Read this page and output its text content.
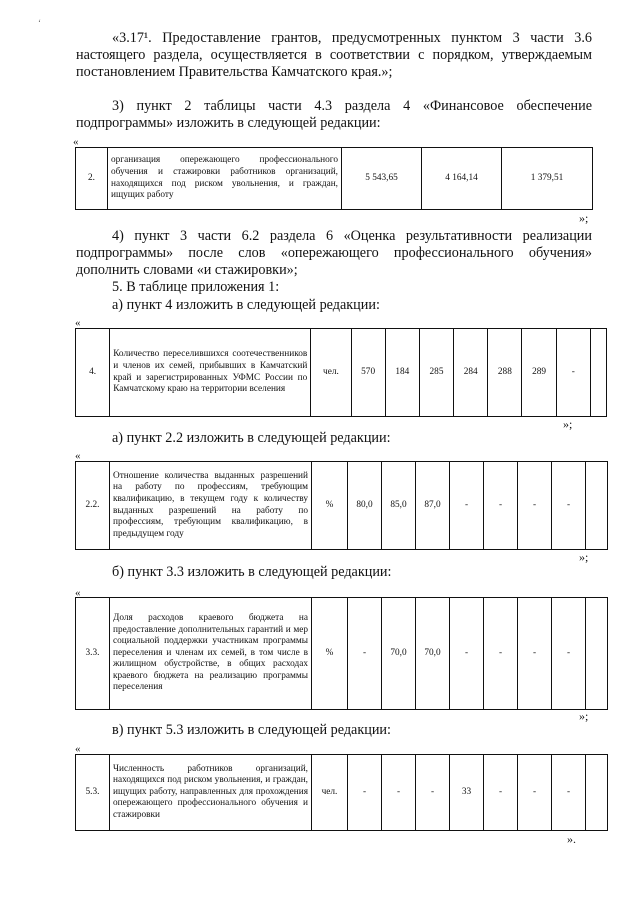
ʻ
«3.17¹. Предоставление грантов, предусмотренных пунктом 3 части 3.6 настоящего раздела, осуществляется в соответствии с порядком, утверждаемым постановлением Правительства Камчатского края.»;
3) пункт 2 таблицы части 4.3 раздела 4 «Финансовое обеспечение подпрограммы» изложить в следующей редакции:
«
2.	организация опережающего профессионального обучения и стажировки работников организаций, находящихся под риском увольнения, и граждан, ищущих работу	5 543,65	4 164,14	1 379,51
»;
4) пункт 3 части 6.2 раздела 6 «Оценка результативности реализации подпрограммы» после слов «опережающего профессионального обучения» дополнить словами «и стажировки»;
5. В таблице приложения 1:
а) пункт 4 изложить в следующей редакции:
«
4.	Количество переселившихся соотечественников и членов их семей, прибывших в Камчатский край и зарегистрированных УФМС России по Камчатскому краю на территории вселения	чел.	570	184	285	284	288	289	-	
»;
а) пункт 2.2 изложить в следующей редакции:
«
2.2.	Отношение количества выданных разрешений на работу по профессиям, требующим квалификацию, в текущем году к количеству выданных разрешений на работу по профессиям, требующим квалификацию, в предыдущем году	%	80,0	85,0	87,0	-	-	-	-	
»;
б) пункт 3.3 изложить в следующей редакции:
«
3.3.	Доля расходов краевого бюджета на предоставление дополнительных гарантий и мер социальной поддержки участникам программы переселения и членам их семей, в том числе в жилищном обустройстве, в общих расходах краевого бюджета на реализацию программы переселения	%	-	70,0	70,0	-	-	-	-	
»;
в) пункт 5.3 изложить в следующей редакции:
«
5.3.	Численность работников организаций, находящихся под риском увольнения, и граждан, ищущих работу, направленных для прохождения опережающего профессионального обучения и стажировки	чел.	-	-	-	33	-	-	-	
».
